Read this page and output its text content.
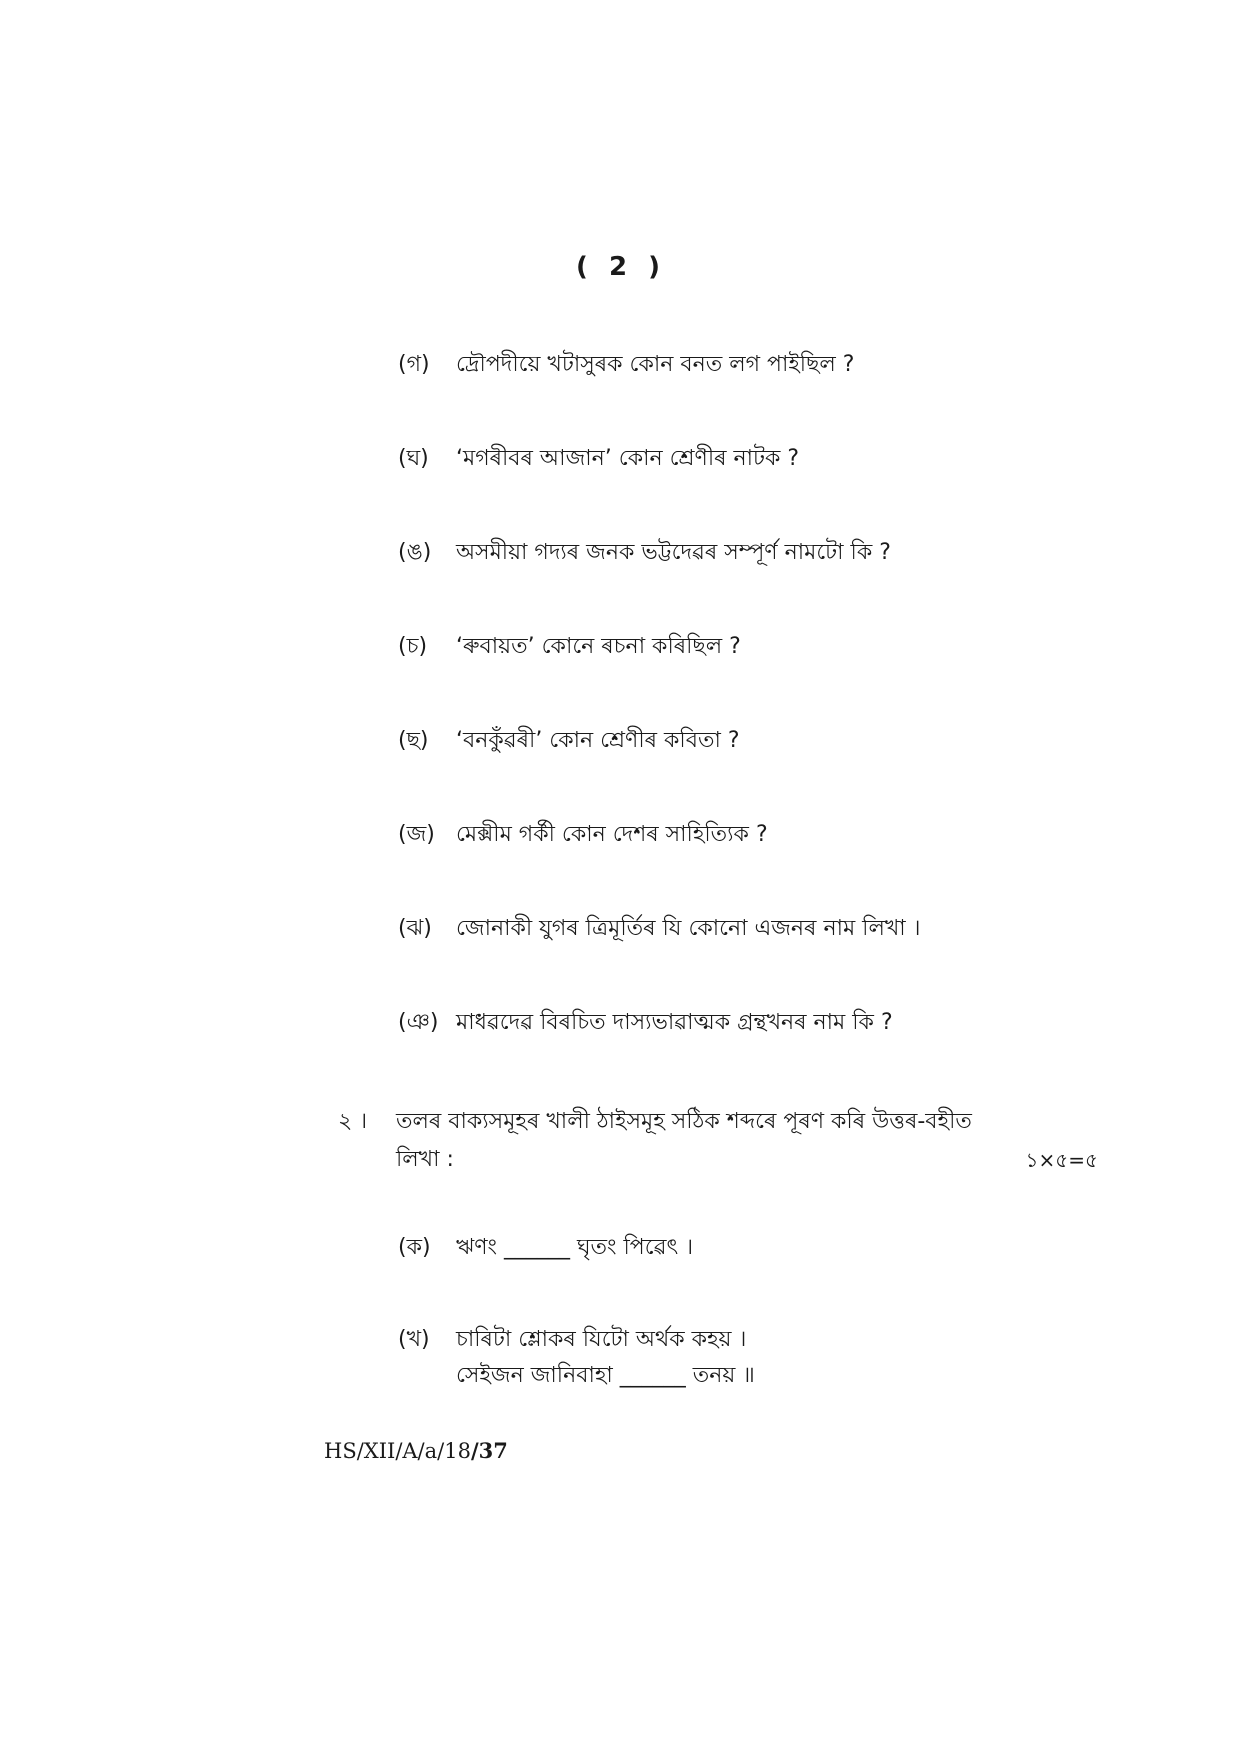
( 2 )
(গ) দ্রৌপদীয়ে খটাসুৰক কোন বনত লগ পাইছিল ?
(ঘ) ‘মগৰীবৰ আজান’ কোন শ্ৰেণীৰ নাটক ?
(ঙ) অসমীয়া গদ্যৰ জনক ভট্টদেৱৰ সম্পূৰ্ণ নামটো কি ?
(চ) ‘ৰুবায়ত’ কোনে ৰচনা কৰিছিল ?
(ছ) ‘বনকুঁৱৰী’ কোন শ্ৰেণীৰ কবিতা ?
(জ) মেক্সীম গৰ্কী কোন দেশৰ সাহিত্যিক ?
(ঝ) জোনাকী যুগৰ ত্ৰিমূৰ্তিৰ যি কোনো এজনৰ নাম লিখা ।
(ঞ) মাধৱদেৱ বিৰচিত দাস্যভাৱাত্মক গ্ৰন্থখনৰ নাম কি ?
২ । তলৰ বাক্যসমূহৰ খালী ঠাইসমূহ সঠিক শব্দৰে পূৰণ কৰি উত্তৰ-বহীত
লিখা :	১×৫=৫
(ক) ঋণং ______ ঘৃতং পিৱেৎ ।
(খ) চাৰিটা শ্লোকৰ যিটো অৰ্থক কহয় ।
সেইজন জানিবাহা ______ তনয় ॥
HS/XII/A/a/18/37
